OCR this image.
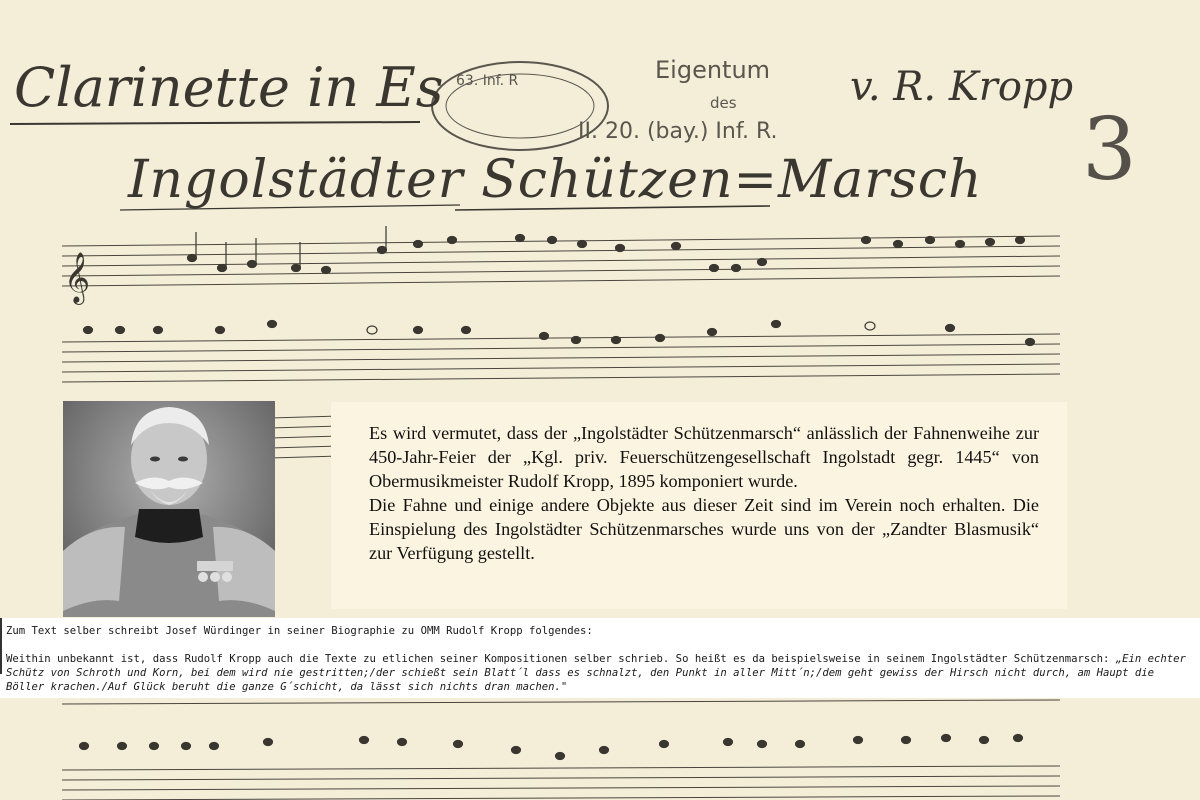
𝄞
63. Inf. R	Eigentum
des
II. 20. (bay.) Inf. R.
Clarinette in Es	v. R. Kropp
3
Ingolstädter Schützen=Marsch

Es wird vermutet, dass der „Ingolstädter Schützenmarsch“ anlässlich der Fahnenweihe zur 450-Jahr-Feier der „Kgl. priv. Feuerschützengesellschaft Ingolstadt gegr. 1445“ von Obermusikmeister Rudolf Kropp, 1895 komponiert wurde.

Die Fahne und einige andere Objekte aus dieser Zeit sind im Verein noch erhalten. Die Einspielung des Ingolstädter Schützenmarsches wurde uns von der „Zandter Blasmusik“ zur Verfügung gestellt.

Zum Text selber schreibt Josef Würdinger in seiner Biographie zu OMM Rudolf Kropp folgendes:
Weithin unbekannt ist, dass Rudolf Kropp auch die Texte zu etlichen seiner Kompositionen selber schrieb. So heißt es da beispielsweise in seinem Ingolstädter Schützenmarsch: „Ein echter Schütz von Schroth und Korn, bei dem wird nie gestritten;/der schießt sein Blatt´l dass es schnalzt, den Punkt in aller Mitt´n;/dem geht gewiss der Hirsch nicht durch, am Haupt die Böller krachen./Auf Glück beruht die ganze G´schicht, da lässt sich nichts dran machen."
